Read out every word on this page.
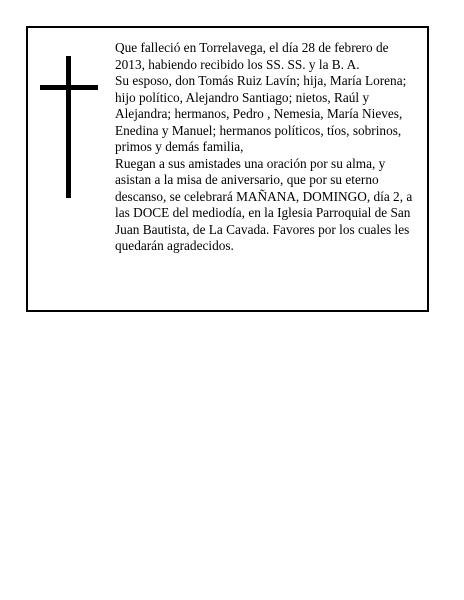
Que falleció en Torrelavega, el día 28 de febrero de
2013, habiendo recibido los SS. SS. y la B. A.
Su esposo, don Tomás Ruiz Lavín; hija, María Lorena;
hijo político, Alejandro Santiago; nietos, Raúl y
Alejandra; hermanos, Pedro , Nemesia, María Nieves,
Enedina y Manuel; hermanos políticos, tíos, sobrinos,
primos y demás familia,
Ruegan a sus amistades una oración por su alma, y
asistan a la misa de aniversario, que por su eterno
descanso, se celebrará MAÑANA, DOMINGO, día 2, a
las DOCE del mediodía, en la Iglesia Parroquial de San
Juan Bautista, de La Cavada. Favores por los cuales les
quedarán agradecidos.
